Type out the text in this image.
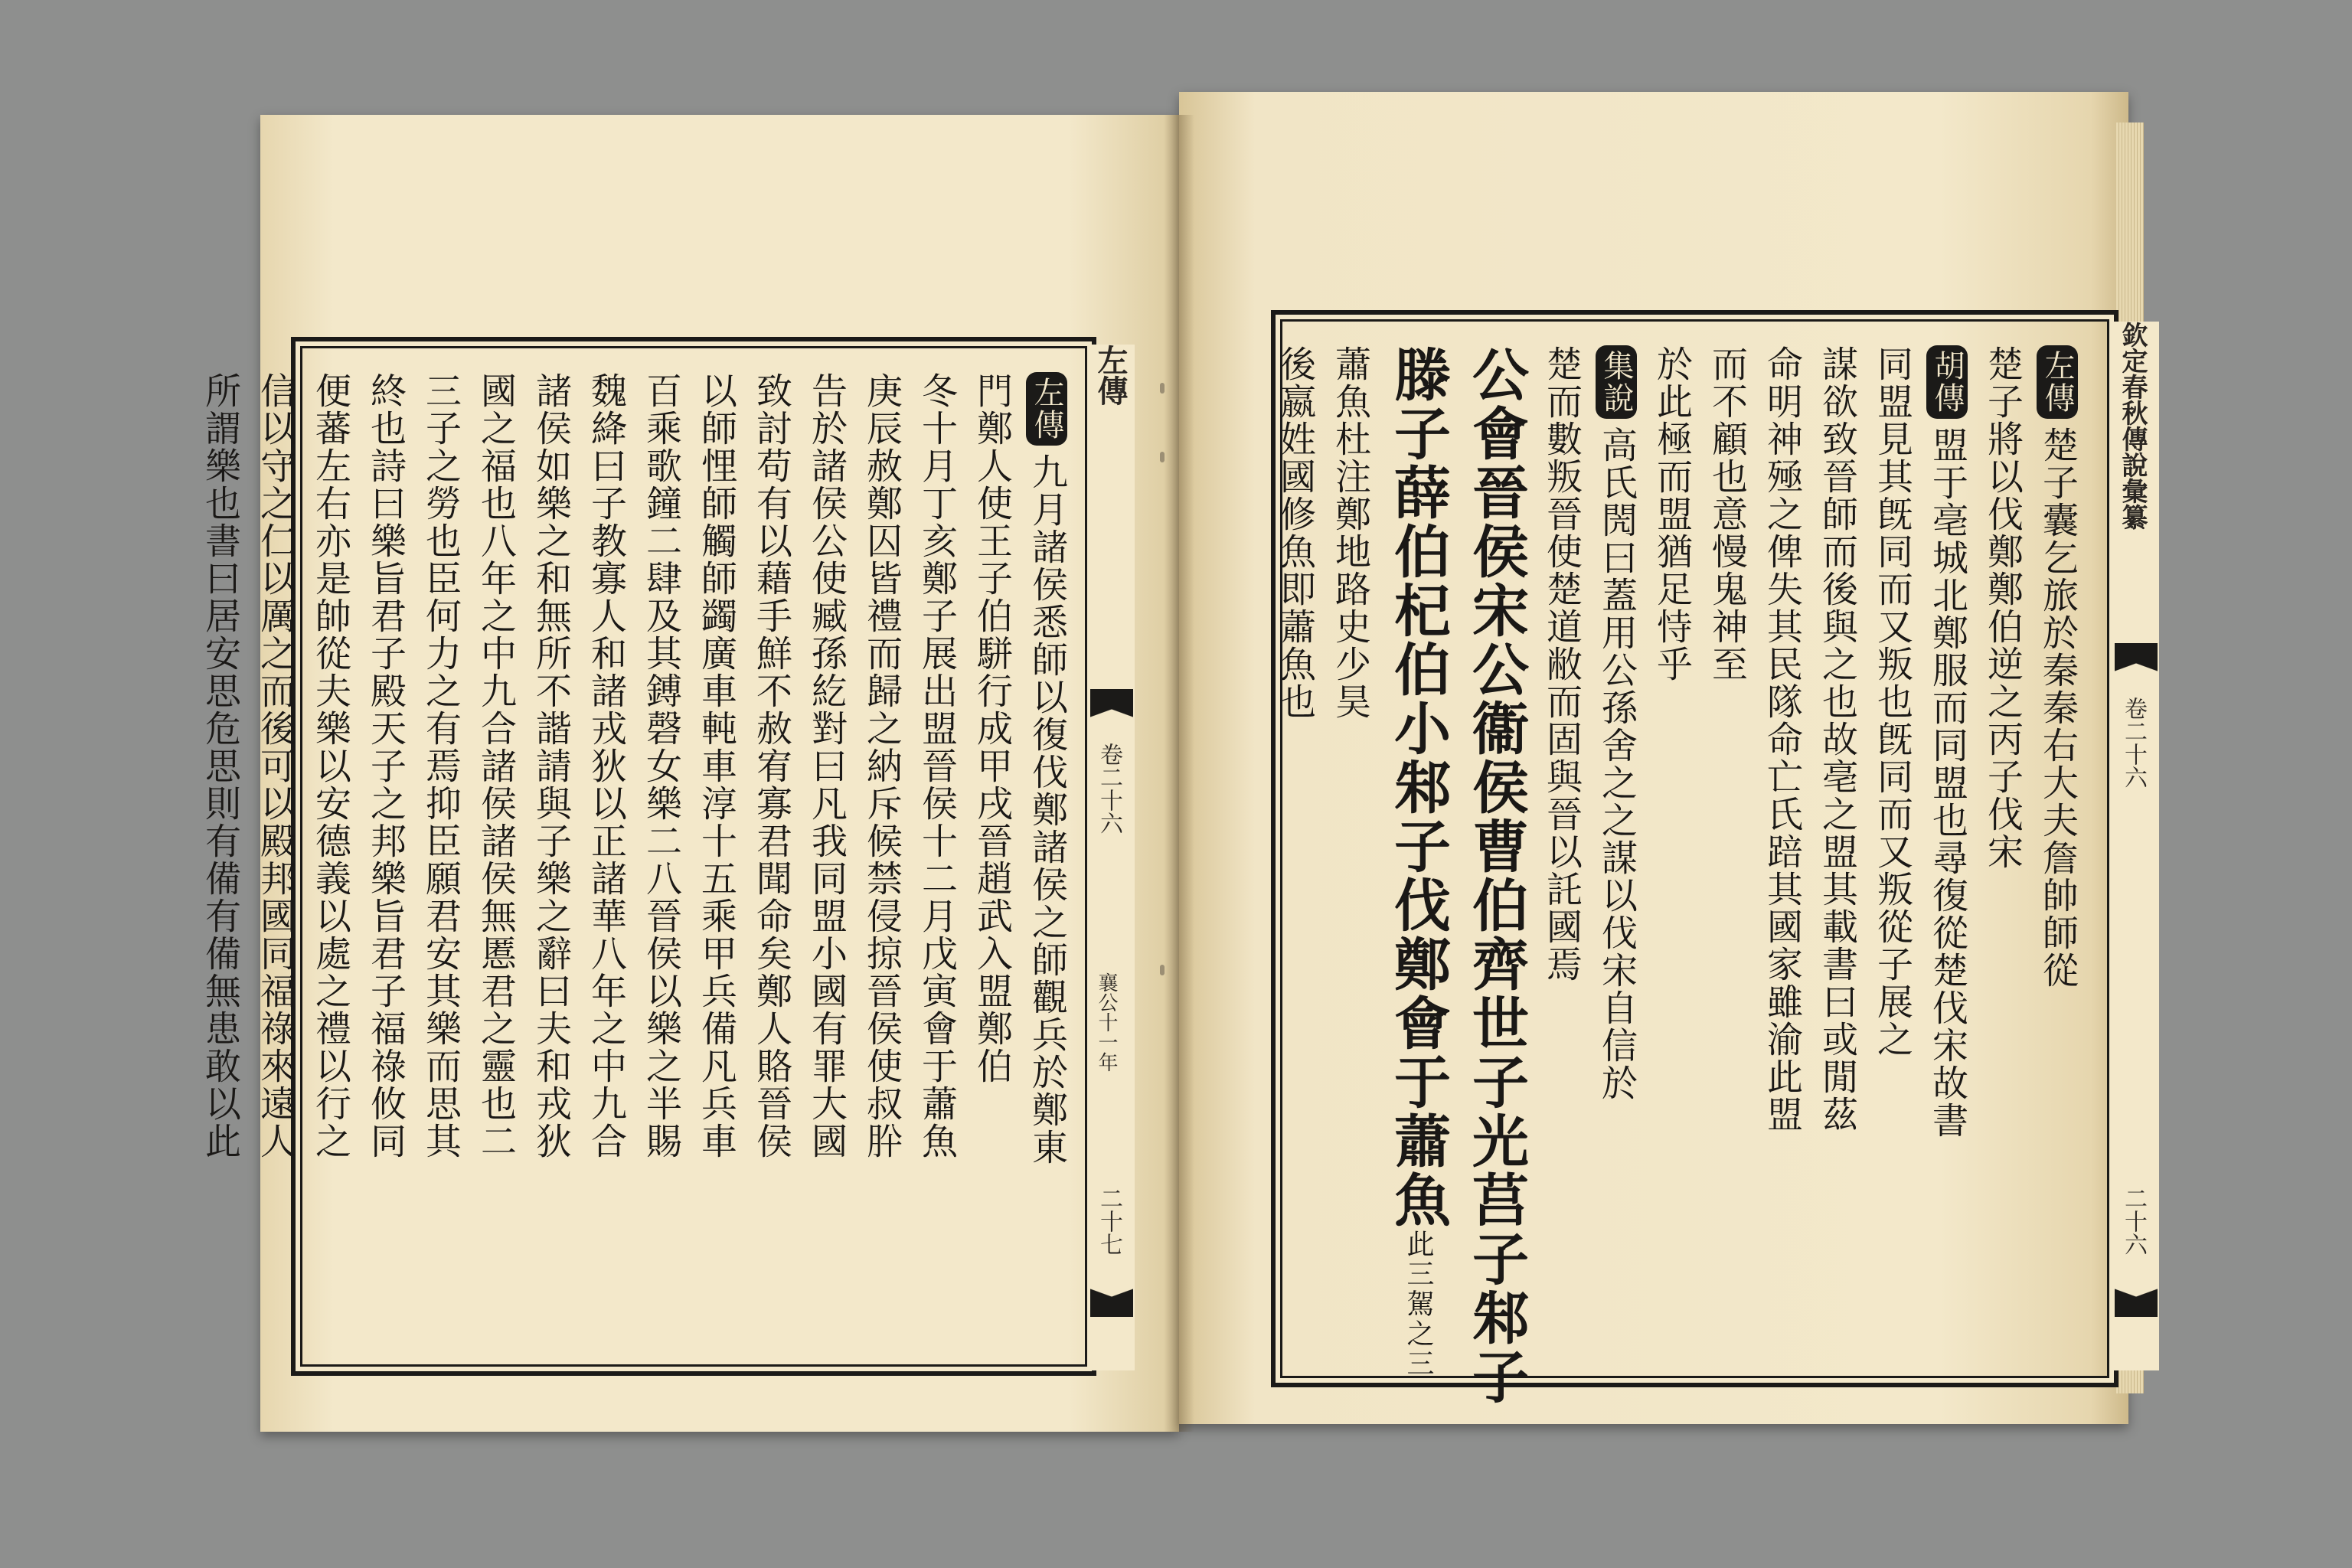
左傳九月諸侯悉師以復伐鄭諸侯之師觀兵於鄭東
門鄭人使王子伯駢行成甲戌晉趙武入盟鄭伯
冬十月丁亥鄭子展出盟晉侯十二月戊寅會于蕭魚
庚辰赦鄭囚皆禮而歸之納斥候禁侵掠晉侯使叔肸
告於諸侯公使臧孫紇對曰凡我同盟小國有罪大國
致討苟有以藉手鮮不赦宥寡君聞命矣鄭人賂晉侯
以師悝師觸師蠲廣車軘車淳十五乘甲兵備凡兵車
百乘歌鐘二肆及其鎛磬女樂二八晉侯以樂之半賜
魏絳曰子教寡人和諸戎狄以正諸華八年之中九合
諸侯如樂之和無所不諧請與子樂之辭曰夫和戎狄
國之福也八年之中九合諸侯諸侯無慝君之靈也二
三子之勞也臣何力之有焉抑臣願君安其樂而思其
終也詩曰樂旨君子殿天子之邦樂旨君子福祿攸同
便蕃左右亦是帥從夫樂以安德義以處之禮以行之
信以守之仁以厲之而後可以殿邦國同福祿來遠人
所謂樂也書曰居安思危思則有備有備無患敢以此	左傳
卷二十六
襄公十一年
二十七
左傳楚子囊乞旅於秦秦右大夫詹帥師從
楚子將以伐鄭鄭伯逆之丙子伐宋
胡傳盟于亳城北鄭服而同盟也尋復從楚伐宋故書
同盟見其旣同而又叛也旣同而又叛從子展之
謀欲致晉師而後與之也故亳之盟其載書曰或閒茲
命明神殛之俾失其民隊命亡氏踣其國家雖渝此盟
而不顧也意慢鬼神至
於此極而盟猶足恃乎
集說高氏閌曰蓋用公孫舍之之謀以伐宋自信於
楚而數叛晉使楚道敝而固與晉以託國焉
公會晉侯宋公衞侯曹伯齊世子光莒子邾子
滕子薛伯杞伯小邾子伐鄭會于蕭魚此三駕之三
蕭魚杜注鄭地路史少昊
後嬴姓國修魚即蕭魚也	欽定春秋傳說彙纂
卷二十六
二十六
